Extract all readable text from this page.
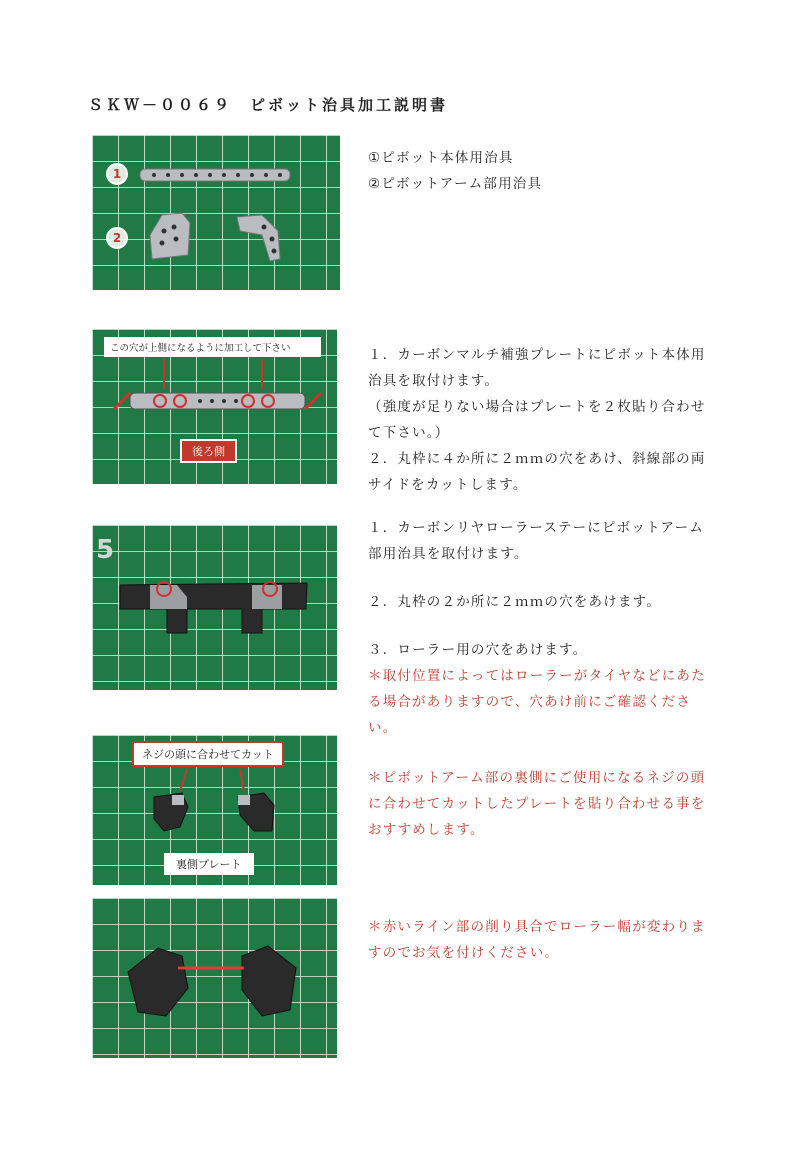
ＳＫＷ－００６９　ピボット治具加工説明書
1
2

①ピボット本体用治具

②ピボットアーム部用治具

この穴が上側になるように加工して下さい
後ろ側

１．カーボンマルチ補強プレートにピボット本体用治具を取付けます。

（強度が足りない場合はプレートを２枚貼り合わせて下さい。）

２．丸枠に４か所に２ｍｍの穴をあけ、斜線部の両サイドをカットします。

5

１．カーボンリヤローラーステーにピボットアーム部用治具を取付けます。

２．丸枠の２か所に２ｍｍの穴をあけます。

３．ローラー用の穴をあけます。

＊取付位置によってはローラーがタイヤなどにあたる場合がありますので、穴あけ前にご確認ください。

ネジの頭に合わせてカット
裏側プレート

＊ピボットアーム部の裏側にご使用になるネジの頭に合わせてカットしたプレートを貼り合わせる事をおすすめします。

＊赤いライン部の削り具合でローラー幅が変わりますのでお気を付けください。
